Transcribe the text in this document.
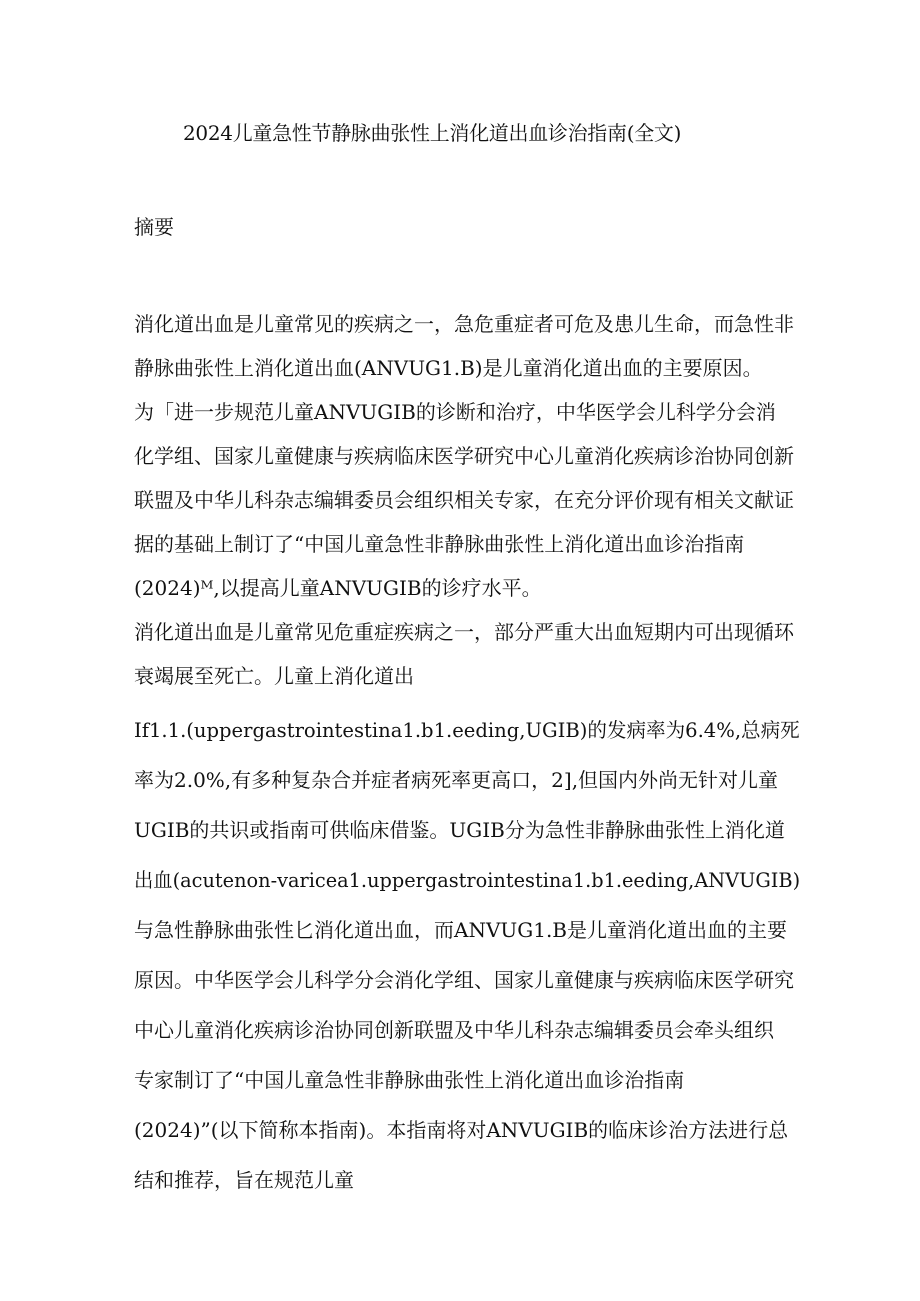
2024儿童急性节静脉曲张性上消化道出血诊治指南(全文)
摘要
消化道出血是儿童常见的疾病之一，急危重症者可危及患儿生命，而急性非
静脉曲张性上消化道出血(ANVUG1.B)是儿童消化道出血的主要原因。
为「进一步规范儿童ANVUGIB的诊断和治疗，中华医学会儿科学分会消
化学组、国家儿童健康与疾病临床医学研究中心儿童消化疾病诊治协同创新
联盟及中华儿科杂志编辑委员会组织相关专家，在充分评价现有相关文献证
据的基础上制订了“中国儿童急性非静脉曲张性上消化道出血诊治指南
(2024)ᴹ,以提高儿童ANVUGIB的诊疗水平。
消化道出血是儿童常见危重症疾病之一，部分严重大出血短期内可出现循环
衰竭展至死亡。儿童上消化道出
If1.1.(uppergastrointestina1.b1.eeding,UGIB)的发病率为6.4%,总病死
率为2.0%,有多种复杂合并症者病死率更高口，2],但国内外尚无针对儿童
UGIB的共识或指南可供临床借鉴。UGIB分为急性非静脉曲张性上消化道
出血(acutenon-varicea1.uppergastrointestina1.b1.eeding,ANVUGIB)
与急性静脉曲张性匕消化道出血，而ANVUG1.B是儿童消化道出血的主要
原因。中华医学会儿科学分会消化学组、国家儿童健康与疾病临床医学研究
中心儿童消化疾病诊治协同创新联盟及中华儿科杂志编辑委员会牵头组织
专家制订了“中国儿童急性非静脉曲张性上消化道出血诊治指南
(2024)”(以下简称本指南)。本指南将对ANVUGIB的临床诊治方法进行总
结和推荐，旨在规范儿童
